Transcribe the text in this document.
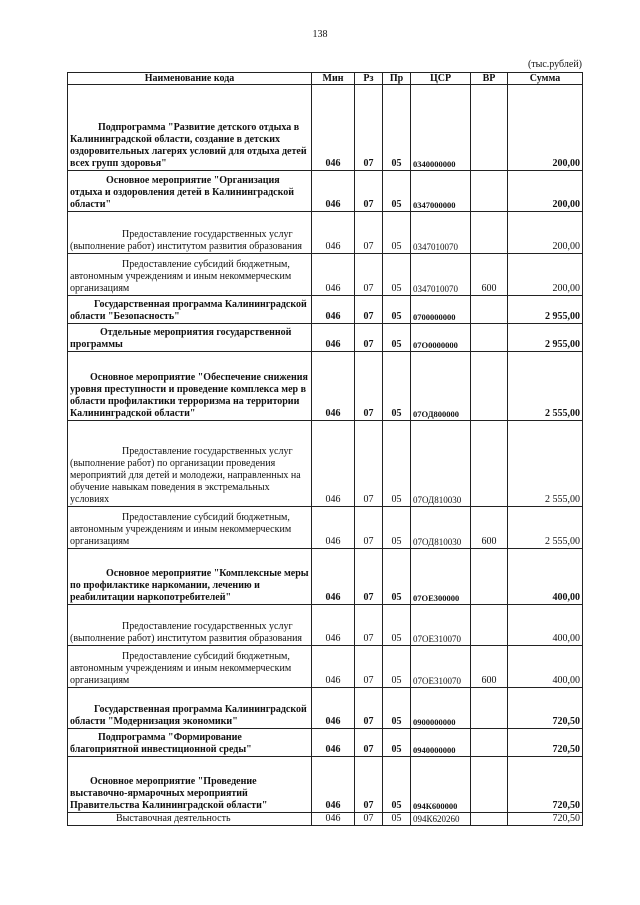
138
(тыс.рублей)
Наименование кода	Мин	Рз	Пр	ЦСР	ВР	Сумма

Подпрограмма "Развитие детского отдыха в Калининградской области, создание в детских оздоровительных лагерях условий для отдыха детей всех групп здоровья"	046	07	05	0340000000		200,00

Основное мероприятие "Организация отдыха и оздоровления детей в Калининградской области"	046	07	05	0347000000		200,00

Предоставление государственных услуг (выполнение работ) институтом развития образования	046	07	05	0347010070		200,00

Предоставление субсидий бюджетным, автономным учреждениям и иным некоммерческим организациям	046	07	05	0347010070	600	200,00

Государственная программа Калининградской области "Безопасность"	046	07	05	0700000000		2 955,00

Отдельные мероприятия государственной программы	046	07	05	07О0000000		2 955,00

Основное мероприятие "Обеспечение снижения уровня преступности и проведение комплекса мер в области профилактики терроризма на территории Калининградской области"	046	07	05	07ОД800000		2 555,00

Предоставление государственных услуг (выполнение работ) по организации проведения мероприятий для детей и молодежи, направленных на обучение навыкам поведения в экстремальных условиях	046	07	05	07ОД810030		2 555,00

Предоставление субсидий бюджетным, автономным учреждениям и иным некоммерческим организациям	046	07	05	07ОД810030	600	2 555,00

Основное мероприятие "Комплексные меры по профилактике наркомании, лечению и реабилитации наркопотребителей"	046	07	05	07ОЕ300000		400,00

Предоставление государственных услуг (выполнение работ) институтом развития образования	046	07	05	07ОЕ310070		400,00

Предоставление субсидий бюджетным, автономным учреждениям и иным некоммерческим организациям	046	07	05	07ОЕ310070	600	400,00

Государственная программа Калининградской области "Модернизация экономики"	046	07	05	0900000000		720,50

Подпрограмма "Формирование благоприятной инвестиционной среды"	046	07	05	0940000000		720,50

Основное мероприятие "Проведение выставочно-ярмарочных мероприятий Правительства Калининградской области"	046	07	05	094К600000		720,50

Выставочная деятельность	046	07	05	094К620260		720,50
